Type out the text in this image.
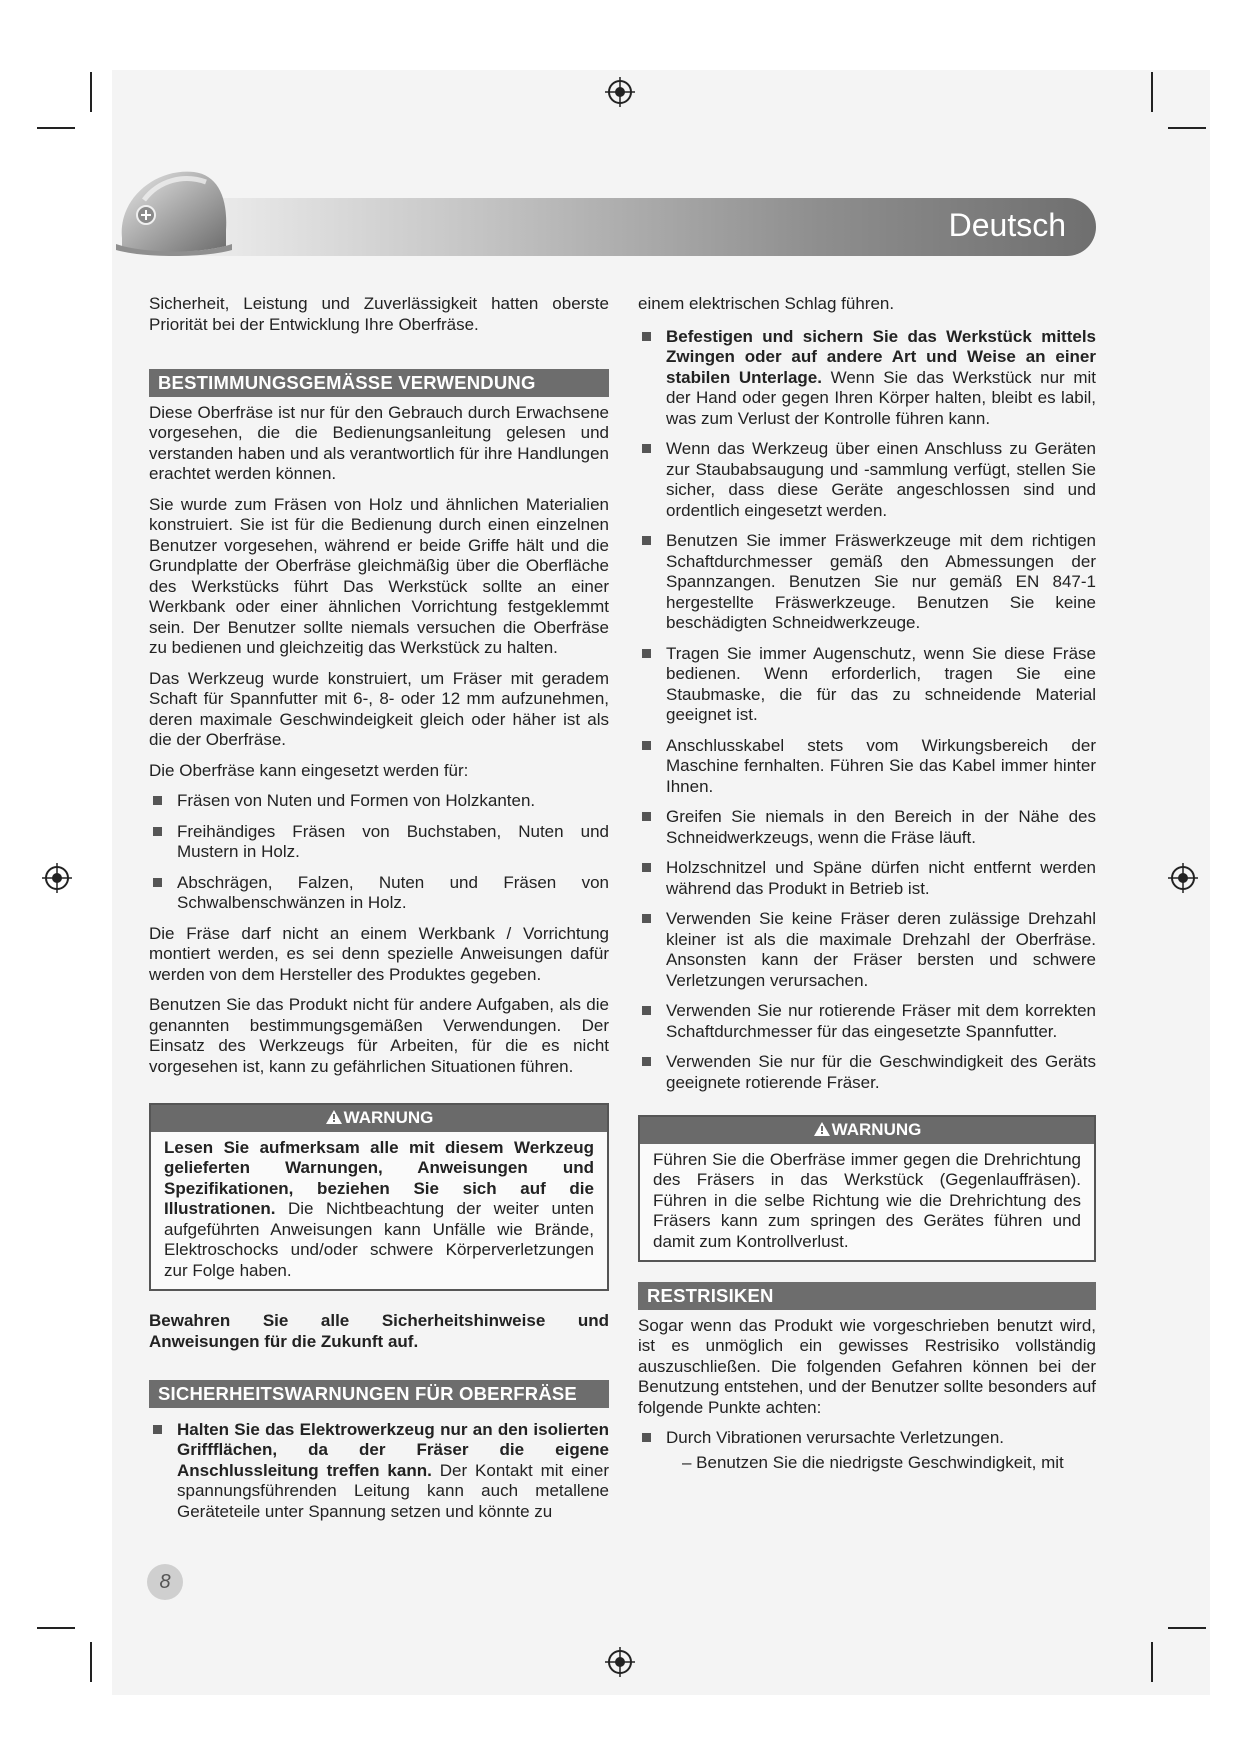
Deutsch

Sicherheit, Leistung und Zuverlässigkeit hatten oberste Priorität bei der Entwicklung Ihre Oberfräse.

BESTIMMUNGSGEMÄSSE VERWENDUNG

Diese Oberfräse ist nur für den Gebrauch durch Erwachsene vorgesehen, die die Bedienungsanleitung gelesen und verstanden haben und als verantwortlich für ihre Handlungen erachtet werden können.

Sie wurde zum Fräsen von Holz und ähnlichen Materialien konstruiert. Sie ist für die Bedienung durch einen einzelnen Benutzer vorgesehen, während er beide Griffe hält und die Grundplatte der Oberfräse gleichmäßig über die Oberfläche des Werkstücks führt Das Werkstück sollte an einer Werkbank oder einer ähnlichen Vorrichtung festgeklemmt sein. Der Benutzer sollte niemals versuchen die Oberfräse zu bedienen und gleichzeitig das Werkstück zu halten.

Das Werkzeug wurde konstruiert, um Fräser mit geradem Schaft für Spannfutter mit 6-, 8- oder 12 mm aufzunehmen, deren maximale Geschwindeigkeit gleich oder häher ist als die der Oberfräse.

Die Oberfräse kann eingesetzt werden für:

Fräsen von Nuten und Formen von Holzkanten.
Freihändiges Fräsen von Buchstaben, Nuten und Mustern in Holz.
Abschrägen, Falzen, Nuten und Fräsen von Schwalbenschwänzen in Holz.

Die Fräse darf nicht an einem Werkbank / Vorrichtung montiert werden, es sei denn spezielle Anweisungen dafür werden von dem Hersteller des Produktes gegeben.

Benutzen Sie das Produkt nicht für andere Aufgaben, als die genannten bestimmungsgemäßen Verwendungen. Der Einsatz des Werkzeugs für Arbeiten, für die es nicht vorgesehen ist, kann zu gefährlichen Situationen führen.

WARNUNG
Lesen Sie aufmerksam alle mit diesem Werkzeug gelieferten Warnungen, Anweisungen und Spezifikationen, beziehen Sie sich auf die Illustrationen. Die Nichtbeachtung der weiter unten aufgeführten Anweisungen kann Unfälle wie Brände, Elektroschocks und/oder schwere Körperverletzungen zur Folge haben.

Bewahren Sie alle Sicherheitshinweise und Anweisungen für die Zukunft auf.

SICHERHEITSWARNUNGEN FÜR OBERFRÄSE
Halten Sie das Elektrowerkzeug nur an den isolierten Griffflächen, da der Fräser die eigene Anschlussleitung treffen kann. Der Kontakt mit einer spannungsführenden Leitung kann auch metallene Geräteteile unter Spannung setzen und könnte zu

einem elektrischen Schlag führen.

Befestigen und sichern Sie das Werkstück mittels Zwingen oder auf andere Art und Weise an einer stabilen Unterlage. Wenn Sie das Werkstück nur mit der Hand oder gegen Ihren Körper halten, bleibt es labil, was zum Verlust der Kontrolle führen kann.
Wenn das Werkzeug über einen Anschluss zu Geräten zur Staubabsaugung und -sammlung verfügt, stellen Sie sicher, dass diese Geräte angeschlossen sind und ordentlich eingesetzt werden.
Benutzen Sie immer Fräswerkzeuge mit dem richtigen Schaftdurchmesser gemäß den Abmessungen der Spannzangen. Benutzen Sie nur gemäß EN 847-1 hergestellte Fräswerkzeuge. Benutzen Sie keine beschädigten Schneidwerkzeuge.
Tragen Sie immer Augenschutz, wenn Sie diese Fräse bedienen. Wenn erforderlich, tragen Sie eine Staubmaske, die für das zu schneidende Material geeignet ist.
Anschlusskabel stets vom Wirkungsbereich der Maschine fernhalten. Führen Sie das Kabel immer hinter Ihnen.
Greifen Sie niemals in den Bereich in der Nähe des Schneidwerkzeugs, wenn die Fräse läuft.
Holzschnitzel und Späne dürfen nicht entfernt werden während das Produkt in Betrieb ist.
Verwenden Sie keine Fräser deren zulässige Drehzahl kleiner ist als die maximale Drehzahl der Oberfräse. Ansonsten kann der Fräser bersten und schwere Verletzungen verursachen.
Verwenden Sie nur rotierende Fräser mit dem korrekten Schaftdurchmesser für das eingesetzte Spannfutter.
Verwenden Sie nur für die Geschwindigkeit des Geräts geeignete rotierende Fräser.
WARNUNG
Führen Sie die Oberfräse immer gegen die Drehrichtung des Fräsers in das Werkstück (Gegenlauffräsen). Führen in die selbe Richtung wie die Drehrichtung des Fräsers kann zum springen des Gerätes führen und damit zum Kontrollverlust.
RESTRISIKEN

Sogar wenn das Produkt wie vorgeschrieben benutzt wird, ist es unmöglich ein gewisses Restrisiko vollständig auszuschließen. Die folgenden Gefahren können bei der Benutzung entstehen, und der Benutzer sollte besonders auf folgende Punkte achten:

Durch Vibrationen verursachte Verletzungen.

– Benutzen Sie die niedrigste Geschwindigkeit, mit

8
